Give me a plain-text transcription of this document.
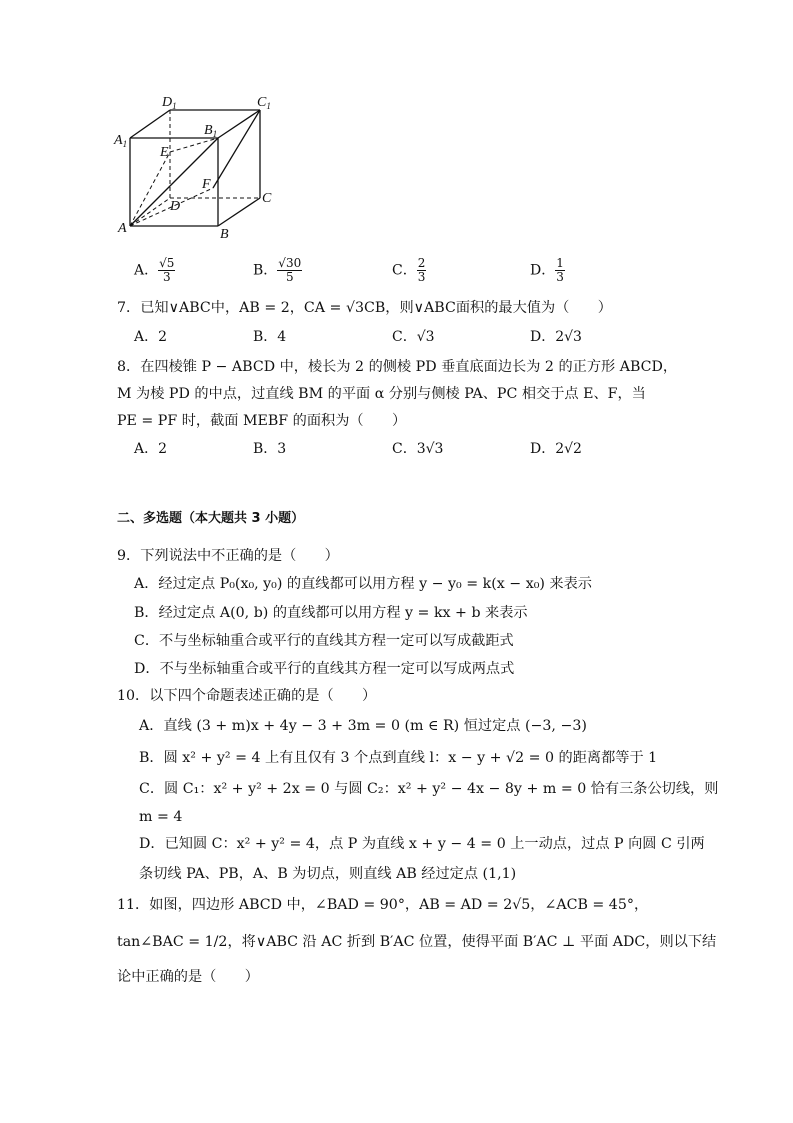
$D_1$	$C_1$
$A_1$
$B_1$
E
F
D
C
A	B
A． $\frac{√5}{3}$	B． $\frac{√30}{5}$	C． $\frac{2}{3}$	D． $\frac{1}{3}$
7．已知∨ABC中，AB = 2，CA = √3CB，则∨ABC面积的最大值为（　　）
A．2	B．4	C．√3	D．2√3
8．在四棱锥 P − ABCD 中，棱长为 2 的侧棱 PD 垂直底面边长为 2 的正方形 ABCD，
M 为棱 PD 的中点，过直线 BM 的平面 α 分别与侧棱 PA、PC 相交于点 E、F，当
PE = PF 时，截面 MEBF 的面积为（　　）
A．2	B．3	C．3√3	D．2√2
二、多选题（本大题共 3 小题）
9．下列说法中不正确的是（　　）
A．经过定点 P₀(x₀, y₀) 的直线都可以用方程 y − y₀ = k(x − x₀) 来表示
B．经过定点 A(0, b) 的直线都可以用方程 y = kx + b 来表示
C．不与坐标轴重合或平行的直线其方程一定可以写成截距式
D．不与坐标轴重合或平行的直线其方程一定可以写成两点式
10．以下四个命题表述正确的是（　　）
A．直线 (3 + m)x + 4y − 3 + 3m = 0 (m ∈ R) 恒过定点 (−3, −3)
B．圆 x² + y² = 4 上有且仅有 3 个点到直线 l：x − y + √2 = 0 的距离都等于 1
C．圆 C₁：x² + y² + 2x = 0 与圆 C₂：x² + y² − 4x − 8y + m = 0 恰有三条公切线，则
m = 4
D．已知圆 C：x² + y² = 4，点 P 为直线 x + y − 4 = 0 上一动点，过点 P 向圆 C 引两
条切线 PA、PB，A、B 为切点，则直线 AB 经过定点 (1,1)
11．如图，四边形 ABCD 中，∠BAD = 90°，AB = AD = 2√5，∠ACB = 45°，
tan∠BAC = 1/2，将∨ABC 沿 AC 折到 B′AC 位置，使得平面 B′AC ⊥ 平面 ADC，则以下结
论中正确的是（　　）
